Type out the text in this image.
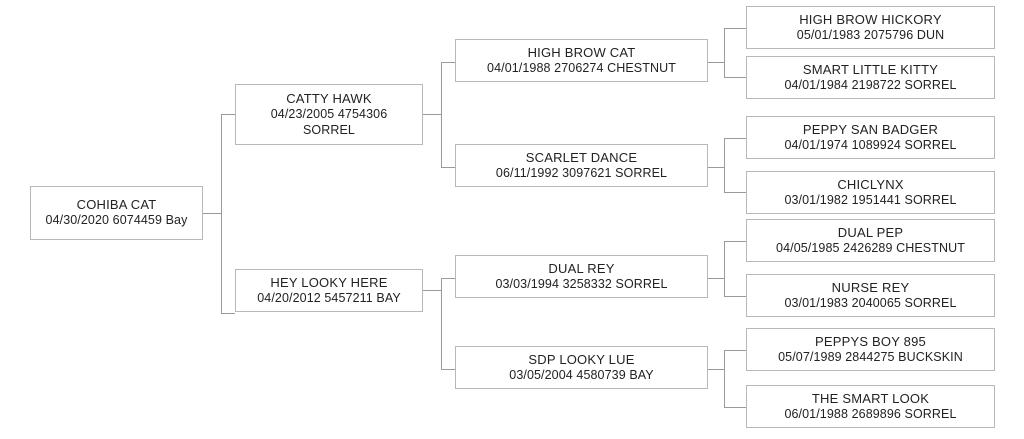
COHIBA CAT
04/30/2020 6074459 Bay
CATTY HAWK
04/23/2005 4754306
SORREL
HEY LOOKY HERE
04/20/2012 5457211 BAY
HIGH BROW CAT
04/01/1988 2706274 CHESTNUT
SCARLET DANCE
06/11/1992 3097621 SORREL
DUAL REY
03/03/1994 3258332 SORREL
SDP LOOKY LUE
03/05/2004 4580739 BAY
HIGH BROW HICKORY
05/01/1983 2075796 DUN
SMART LITTLE KITTY
04/01/1984 2198722 SORREL
PEPPY SAN BADGER
04/01/1974 1089924 SORREL
CHICLYNX
03/01/1982 1951441 SORREL
DUAL PEP
04/05/1985 2426289 CHESTNUT
NURSE REY
03/01/1983 2040065 SORREL
PEPPYS BOY 895
05/07/1989 2844275 BUCKSKIN
THE SMART LOOK
06/01/1988 2689896 SORREL
